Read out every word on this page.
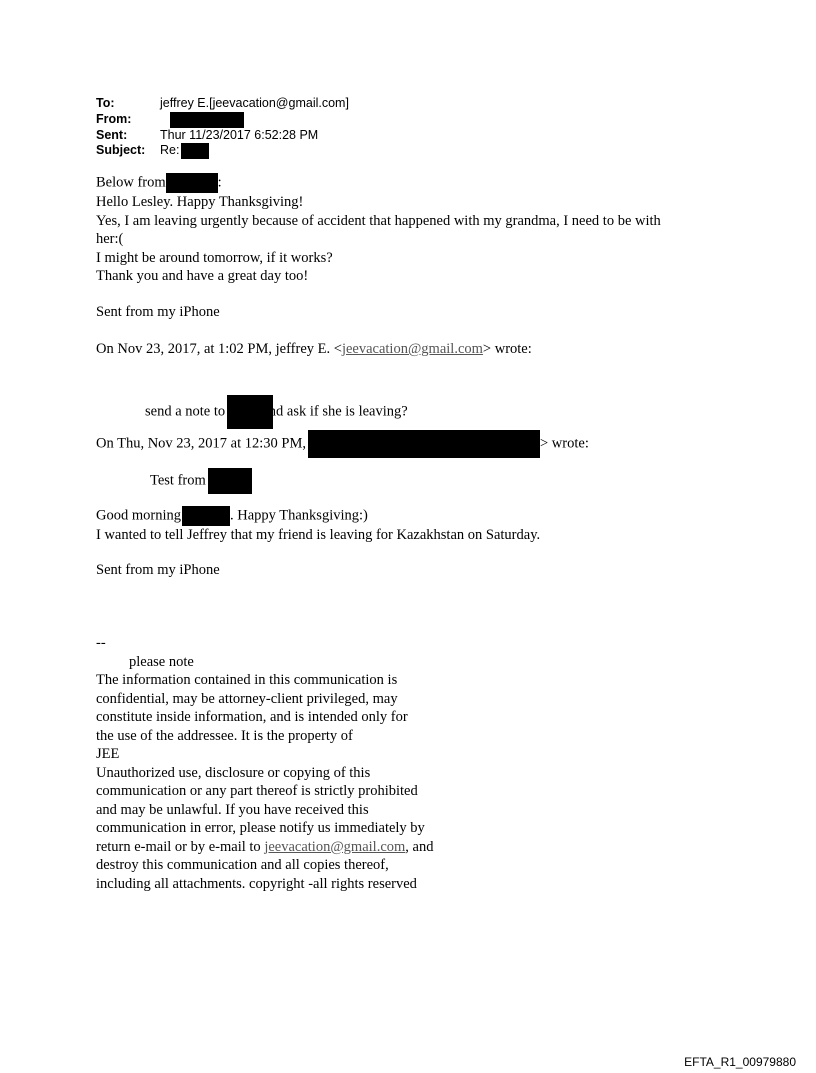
To:	jeffrey E.[jeevacation@gmail.com]
From:
Sent:	Thur 11/23/2017 6:52:28 PM
Subject:	Re:
Below from	:
Hello Lesley. Happy Thanksgiving!
Yes, I am leaving urgently because of accident that happened with my grandma, I need to be with
her:(
I might be around tomorrow, if it works?
Thank you and have a great day too!
Sent from my iPhone
On Nov 23, 2017, at 1:02 PM, jeffrey E. <jeevacation@gmail.com> wrote:
send a note to	nd ask if she is leaving?
On Thu, Nov 23, 2017 at 12:30 PM,	> wrote:
Test from
Good morning	. Happy Thanksgiving:)
I wanted to tell Jeffrey that my friend is leaving for Kazakhstan on Saturday.
Sent from my iPhone
--
please note
The information contained in this communication is
confidential, may be attorney-client privileged, may
constitute inside information, and is intended only for
the use of the addressee. It is the property of
JEE
Unauthorized use, disclosure or copying of this
communication or any part thereof is strictly prohibited
and may be unlawful. If you have received this
communication in error, please notify us immediately by
return e-mail or by e-mail to jeevacation@gmail.com, and
destroy this communication and all copies thereof,
including all attachments. copyright -all rights reserved
EFTA_R1_00979880
